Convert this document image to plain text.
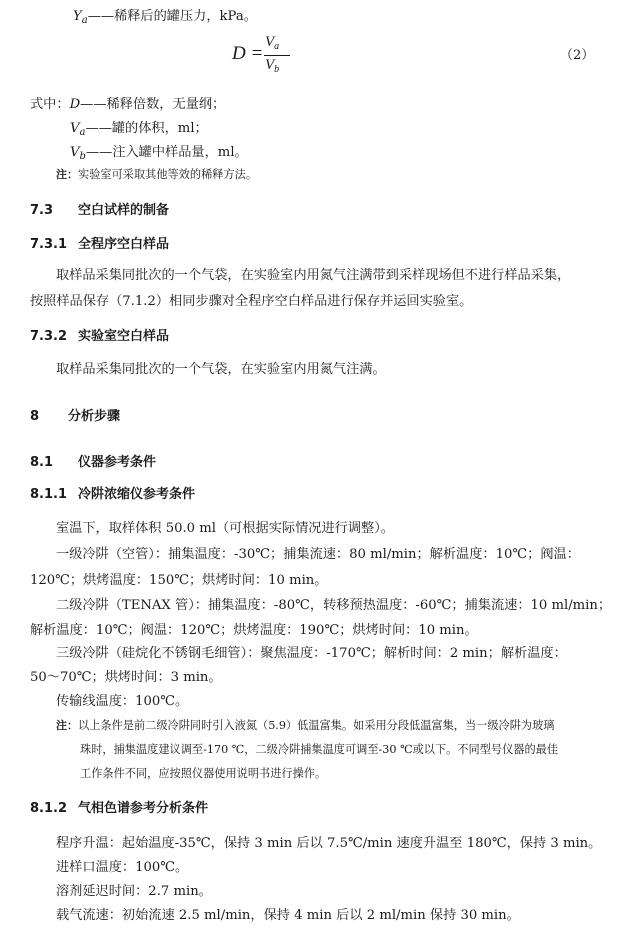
$Y_a——$稀释后的罐压力，kPa。
D =
$V_a$
$V_b$
（2）
式中：D——稀释倍数，无量纲；
$V_a——$罐的体积，ml；
$V_b——$注入罐中样品量，ml。
注：实验室可采取其他等效的稀释方法。
7.3 空白试样的制备
7.3.1 全程序空白样品
取样品采集同批次的一个气袋，在实验室内用氮气注满带到采样现场但不进行样品采集，
按照样品保存（7.1.2）相同步骤对全程序空白样品进行保存并运回实验室。
7.3.2 实验室空白样品
取样品采集同批次的一个气袋，在实验室内用氮气注满。
8 分析步骤
8.1 仪器参考条件
8.1.1 冷阱浓缩仪参考条件
室温下，取样体积 50.0 ml（可根据实际情况进行调整）。
一级冷阱（空管）：捕集温度：-30℃；捕集流速：80 ml/min；解析温度：10℃；阀温：
120℃；烘烤温度：150℃；烘烤时间：10 min。
二级冷阱（TENAX 管）：捕集温度：-80℃，转移预热温度：-60℃；捕集流速：10 ml/min；
解析温度：10℃；阀温：120℃；烘烤温度：190℃；烘烤时间：10 min。
三级冷阱（硅烷化不锈钢毛细管）：聚焦温度：-170℃；解析时间：2 min；解析温度：
50～70℃；烘烤时间：3 min。
传输线温度：100℃。
注：以上条件是前二级冷阱同时引入液氮（5.9）低温富集。如采用分段低温富集，当一级冷阱为玻璃
珠时，捕集温度建议调至-170 ℃，二级冷阱捕集温度可调至-30 ℃或以下。不同型号仪器的最佳
工作条件不同，应按照仪器使用说明书进行操作。
8.1.2 气相色谱参考分析条件
程序升温：起始温度-35℃，保持 3 min 后以 7.5℃/min 速度升温至 180℃，保持 3 min。
进样口温度：100℃。
溶剂延迟时间：2.7 min。
载气流速：初始流速 2.5 ml/min，保持 4 min 后以 2 ml/min 保持 30 min。
